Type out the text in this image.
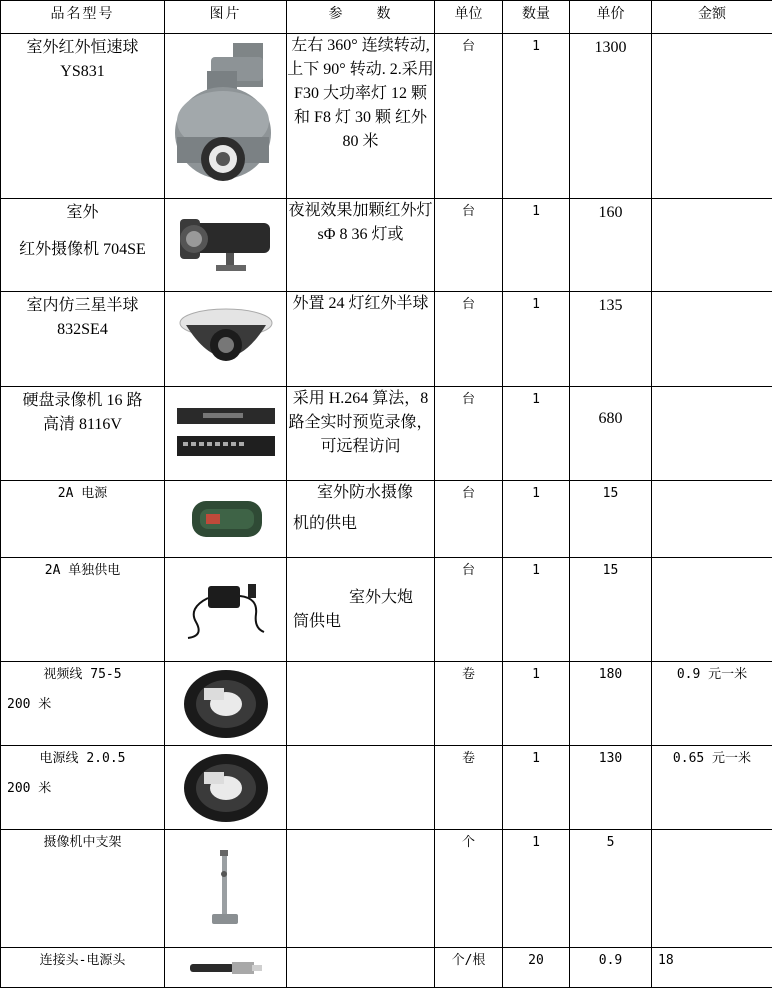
品名型号	图片	参　　数	单位	数量	单价	金额

室外红外恒速球
YS831		左右 360° 连续转动,上下 90° 转动. 2.采用 F30 大功率灯 12 颗和 F8 灯 30 颗 红外 80 米	台	1	1300	

室外
红外摄像机 704SE		夜视效果加颗红外灯 sΦ 8 36 灯或	台	1	160	

室内仿三星半球
832SE4		外置 24 灯红外半球	台	1	135	

硬盘录像机 16 路
高清 8116V		采用 H.264 算法，8 路全实时预览录像，可远程访问	台	1	680	

2A 电源		室外防水摄像
机的供电	台	1	15	

2A 单独供电		室外大炮
筒供电	台	1	15	

视频线 75-5
200 米			卷	1	180	0.9 元一米

电源线 2.0.5
200 米			卷	1	130	0.65 元一米

摄像机中支架			个	1	5	

连接头-电源头			个/根	20	0.9	18
